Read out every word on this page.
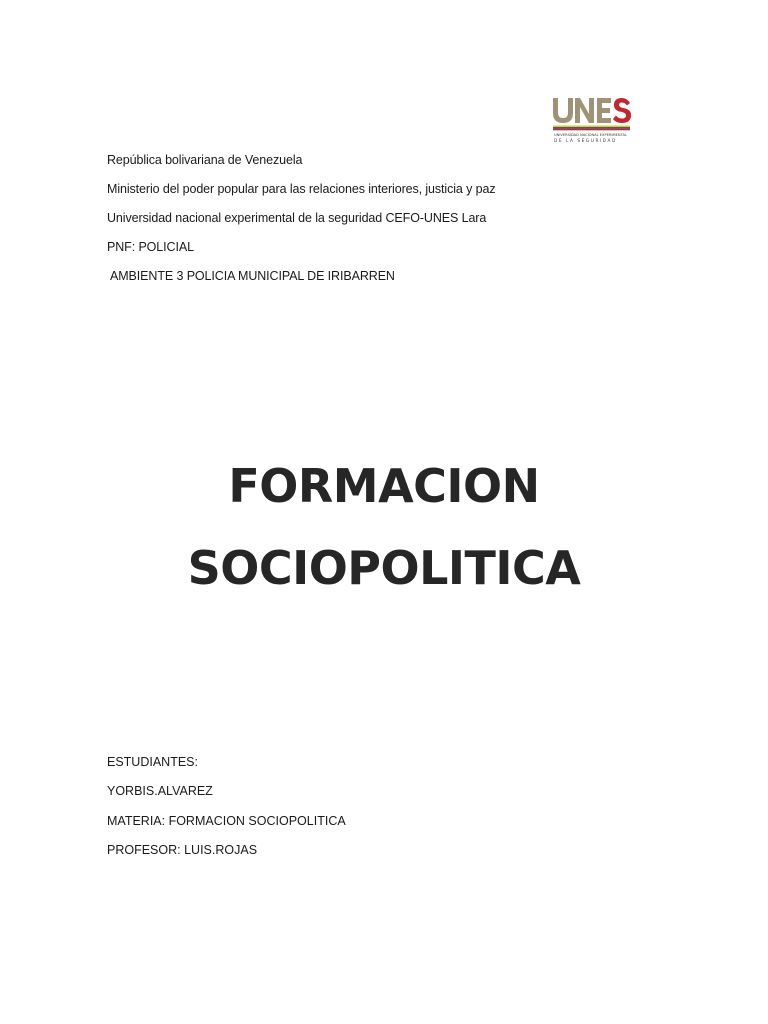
UNIVERSIDAD NACIONAL EXPERIMENTAL
DE LA SEGURIDAD
República bolivariana de Venezuela
Ministerio del poder popular para las relaciones interiores, justicia y paz
Universidad nacional experimental de la seguridad CEFO-UNES Lara
PNF: POLICIAL
AMBIENTE 3 POLICIA MUNICIPAL DE IRIBARREN
FORMACION
SOCIOPOLITICA
ESTUDIANTES:
YORBIS.ALVAREZ
MATERIA: FORMACION SOCIOPOLITICA
PROFESOR: LUIS.ROJAS
